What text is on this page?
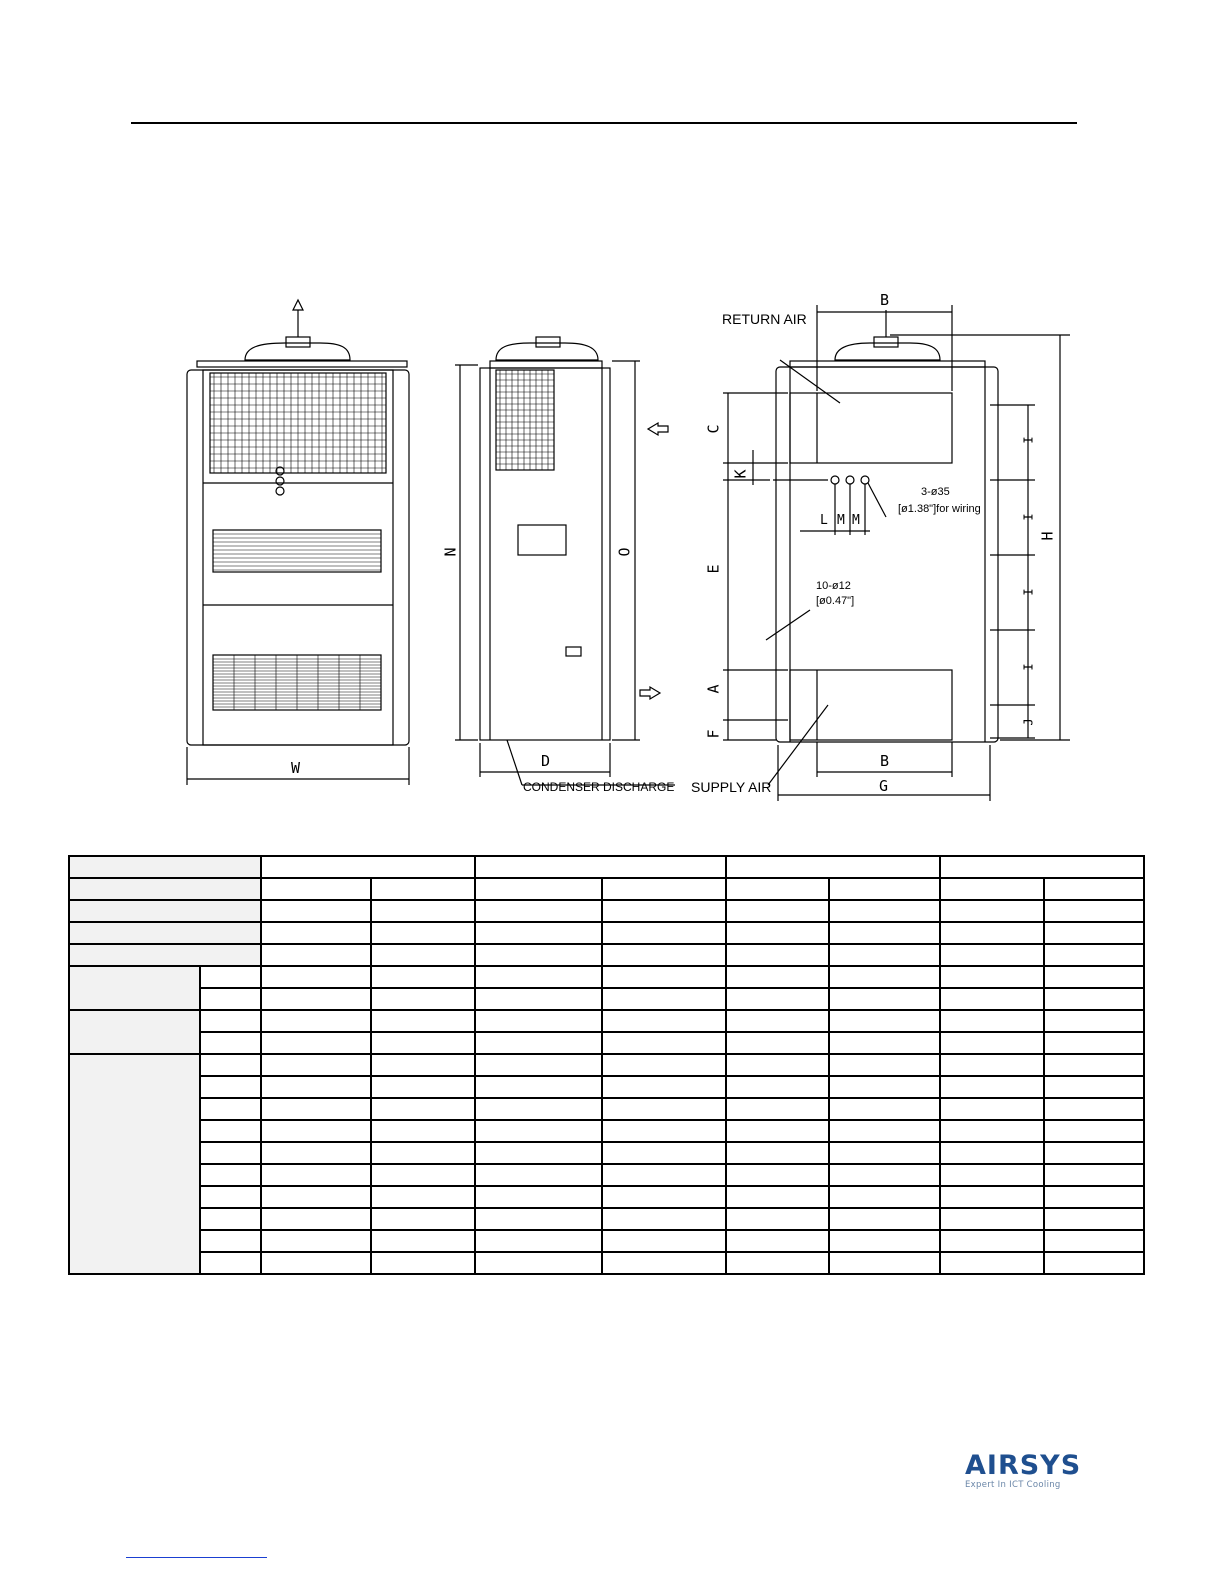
RETURN AIR
SUPPLY AIR
CONDENSER DISCHARGE
3-ø35
[ø1.38"]for wiring
10-ø12
[ø0.47"]
W	D
N	O
B
B
C
K
E
A
F
G
H
L M M
I
I
I
I
J

AIRSYS
Expert In ICT Cooling
